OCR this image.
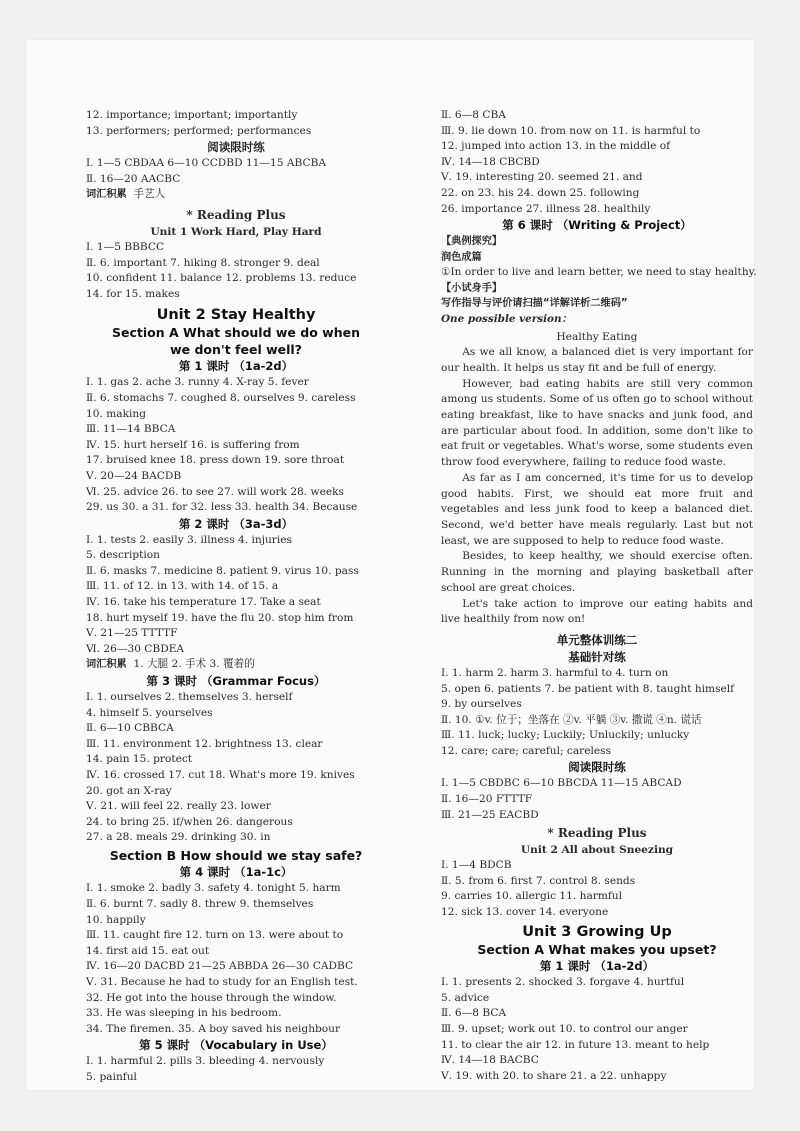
12. importance; important; importantly
13. performers; performed; performances
阅读限时练
Ⅰ. 1—5 CBDAA 6—10 CCDBD 11—15 ABCBA
Ⅱ. 16—20 AACBC
词汇积累 手艺人
* Reading Plus
Unit 1 Work Hard, Play Hard
Ⅰ. 1—5 BBBCC
Ⅱ. 6. important 7. hiking 8. stronger 9. deal
10. confident 11. balance 12. problems 13. reduce
14. for 15. makes
Unit 2 Stay Healthy
Section A What should we do when
we don't feel well?
第 1 课时 （1a-2d）
Ⅰ. 1. gas 2. ache 3. runny 4. X-ray 5. fever
Ⅱ. 6. stomachs 7. coughed 8. ourselves 9. careless
10. making
Ⅲ. 11—14 BBCA
Ⅳ. 15. hurt herself 16. is suffering from
17. bruised knee 18. press down 19. sore throat
Ⅴ. 20—24 BACDB
Ⅵ. 25. advice 26. to see 27. will work 28. weeks
29. us 30. a 31. for 32. less 33. health 34. Because
第 2 课时 （3a-3d）
Ⅰ. 1. tests 2. easily 3. illness 4. injuries
5. description
Ⅱ. 6. masks 7. medicine 8. patient 9. virus 10. pass
Ⅲ. 11. of 12. in 13. with 14. of 15. a
Ⅳ. 16. take his temperature 17. Take a seat
18. hurt myself 19. have the flu 20. stop him from
Ⅴ. 21—25 TTTTF
Ⅵ. 26—30 CBDEA
词汇积累 1. 大腿 2. 手术 3. 覆着的
第 3 课时 （Grammar Focus）
Ⅰ. 1. ourselves 2. themselves 3. herself
4. himself 5. yourselves
Ⅱ. 6—10 CBBCA
Ⅲ. 11. environment 12. brightness 13. clear
14. pain 15. protect
Ⅳ. 16. crossed 17. cut 18. What's more 19. knives
20. got an X-ray
Ⅴ. 21. will feel 22. really 23. lower
24. to bring 25. if/when 26. dangerous
27. a 28. meals 29. drinking 30. in
Section B How should we stay safe?
第 4 课时 （1a-1c）
Ⅰ. 1. smoke 2. badly 3. safety 4. tonight 5. harm
Ⅱ. 6. burnt 7. sadly 8. threw 9. themselves
10. happily
Ⅲ. 11. caught fire 12. turn on 13. were about to
14. first aid 15. eat out
Ⅳ. 16—20 DACBD 21—25 ABBDA 26—30 CADBC
Ⅴ. 31. Because he had to study for an English test.
32. He got into the house through the window.
33. He was sleeping in his bedroom.
34. The firemen. 35. A boy saved his neighbour
第 5 课时 （Vocabulary in Use）
Ⅰ. 1. harmful 2. pills 3. bleeding 4. nervously
5. painful
Ⅱ. 6—8 CBA
Ⅲ. 9. lie down 10. from now on 11. is harmful to
12. jumped into action 13. in the middle of
Ⅳ. 14—18 CBCBD
Ⅴ. 19. interesting 20. seemed 21. and
22. on 23. his 24. down 25. following
26. importance 27. illness 28. healthily
第 6 课时 （Writing & Project）
【典例探究】
润色成篇
①In order to live and learn better, we need to stay healthy.
【小试身手】
写作指导与评价请扫描“详解详析二维码”
One possible version：
Healthy Eating
As we all know, a balanced diet is very important for our health. It helps us stay fit and be full of energy.
However, bad eating habits are still very common among us students. Some of us often go to school without eating breakfast, like to have snacks and junk food, and are particular about food. In addition, some don't like to eat fruit or vegetables. What's worse, some students even throw food everywhere, failing to reduce food waste.
As far as I am concerned, it's time for us to develop good habits. First, we should eat more fruit and vegetables and less junk food to keep a balanced diet. Second, we'd better have meals regularly. Last but not least, we are supposed to help to reduce food waste.
Besides, to keep healthy, we should exercise often. Running in the morning and playing basketball after school are great choices.
Let's take action to improve our eating habits and live healthily from now on!
单元整体训练二
基础针对练
Ⅰ. 1. harm 2. harm 3. harmful to 4. turn on
5. open 6. patients 7. be patient with 8. taught himself
9. by ourselves
Ⅱ. 10. ①v. 位于；坐落在 ②v. 平躺 ③v. 撒谎 ④n. 谎话
Ⅲ. 11. luck; lucky; Luckily; Unluckily; unlucky
12. care; care; careful; careless
阅读限时练
Ⅰ. 1—5 CBDBC 6—10 BBCDA 11—15 ABCAD
Ⅱ. 16—20 FTTTF
Ⅲ. 21—25 EACBD
* Reading Plus
Unit 2 All about Sneezing
Ⅰ. 1—4 BDCB
Ⅱ. 5. from 6. first 7. control 8. sends
9. carries 10. allergic 11. harmful
12. sick 13. cover 14. everyone
Unit 3 Growing Up
Section A What makes you upset?
第 1 课时 （1a-2d）
Ⅰ. 1. presents 2. shocked 3. forgave 4. hurtful
5. advice
Ⅱ. 6—8 BCA
Ⅲ. 9. upset; work out 10. to control our anger
11. to clear the air 12. in future 13. meant to help
Ⅳ. 14—18 BACBC
Ⅴ. 19. with 20. to share 21. a 22. unhappy
